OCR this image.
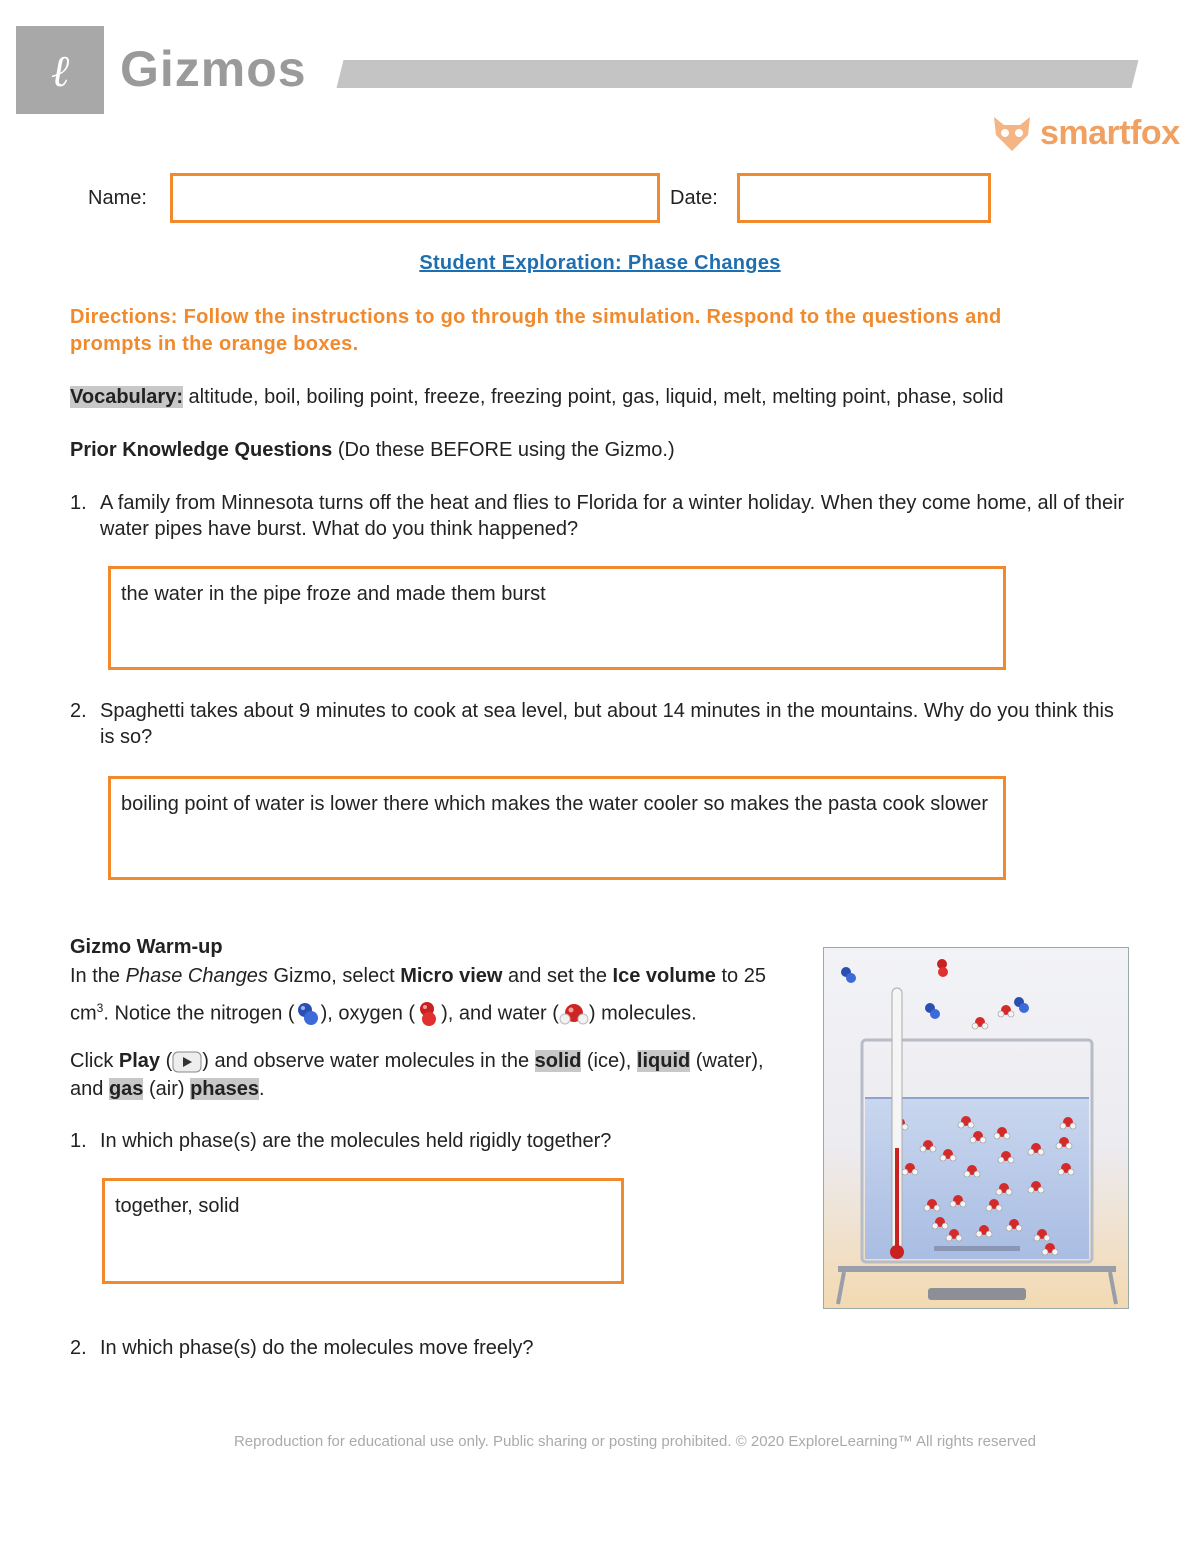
ℓ Gizmos
smartfox
Name:	Date:
Student Exploration: Phase Changes
Directions: Follow the instructions to go through the simulation. Respond to the questions and prompts in the orange boxes.
Vocabulary: altitude, boil, boiling point, freeze, freezing point, gas, liquid, melt, melting point, phase, solid
Prior Knowledge Questions (Do these BEFORE using the Gizmo.)
1. A family from Minnesota turns off the heat and flies to Florida for a winter holiday. When they come home, all of their water pipes have burst. What do you think happened?
the water in the pipe froze and made them burst
2. Spaghetti takes about 9 minutes to cook at sea level, but about 14 minutes in the mountains. Why do you think this is so?
boiling point of water is lower there which makes the water cooler so makes the pasta cook slower
Gizmo Warm-up
In the Phase Changes Gizmo, select Micro view and set the Ice volume to 25 $cm^3$. Notice the nitrogen ( ), oxygen ( ), and water ( ) molecules.
Click Play ( ) and observe water molecules in the solid (ice), liquid (water), and gas (air) phases.
1. In which phase(s) are the molecules held rigidly together?
together, solid
2. In which phase(s) do the molecules move freely?
Reproduction for educational use only. Public sharing or posting prohibited. © 2020 ExploreLearning™ All rights reserved
